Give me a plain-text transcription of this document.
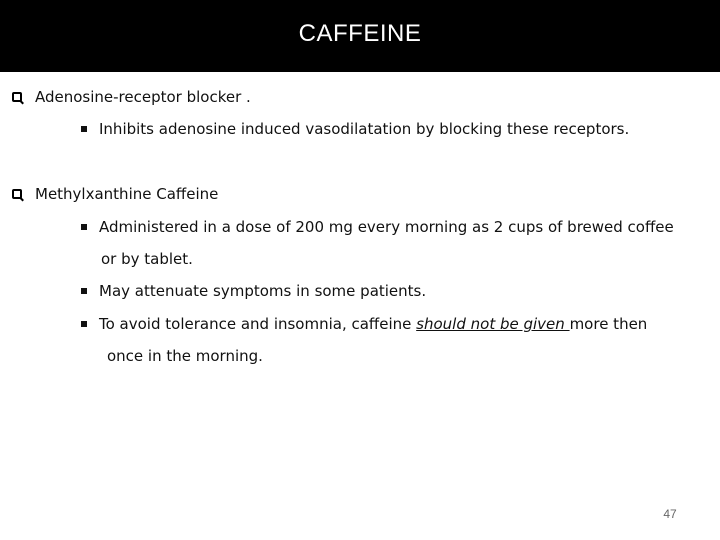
CAFFEINE
Adenosine-receptor blocker .
Inhibits adenosine induced vasodilatation by blocking these receptors.
Methylxanthine Caffeine
Administered in a dose of 200 mg every morning as 2 cups of brewed coffee
or by tablet.
May attenuate symptoms in some patients.
To avoid tolerance and insomnia, caffeine should not be given more then
once in the morning.
47
